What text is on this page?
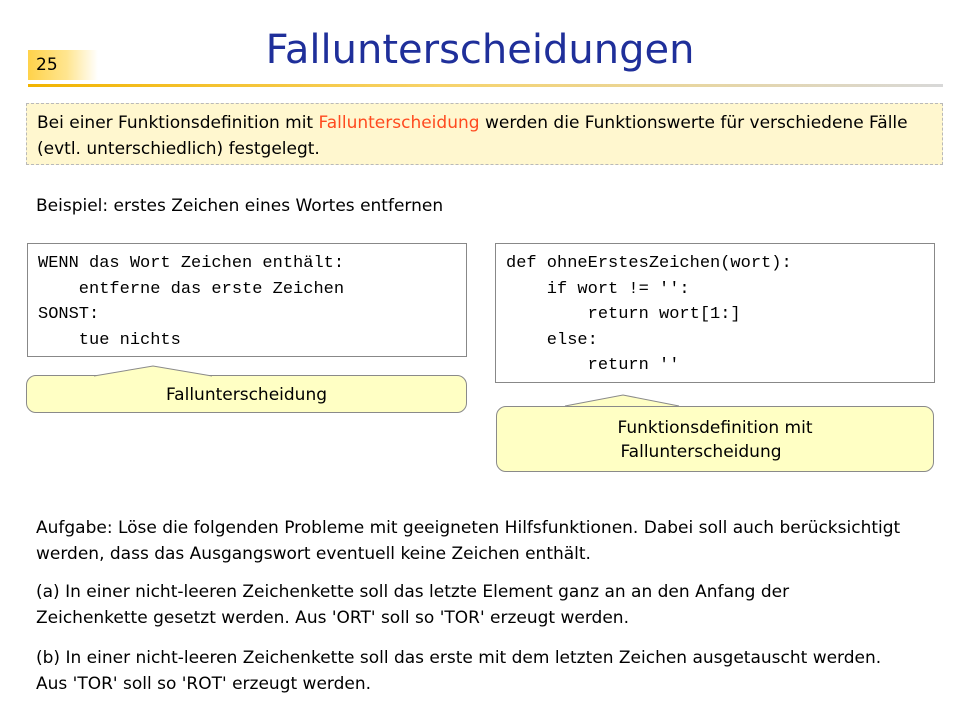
25	Fallunterscheidungen
Bei einer Funktionsdefinition mit Fallunterscheidung werden die Funktionswerte für verschiedene Fälle (evtl. unterschiedlich) festgelegt.
Beispiel: erstes Zeichen eines Wortes entfernen
WENN das Wort Zeichen enthält:
entferne das erste Zeichen
SONST:
tue nichts
def ohneErstesZeichen(wort):
if wort != '':
return wort[1:]
else:
return ''
Fallunterscheidung
Funktionsdefinition mit
Fallunterscheidung
Aufgabe: Löse die folgenden Probleme mit geeigneten Hilfsfunktionen. Dabei soll auch berücksichtigt werden, dass das Ausgangswort eventuell keine Zeichen enthält.
(a) In einer nicht-leeren Zeichenkette soll das letzte Element ganz an an den Anfang der Zeichenkette gesetzt werden. Aus 'ORT' soll so 'TOR' erzeugt werden.
(b) In einer nicht-leeren Zeichenkette soll das erste mit dem letzten Zeichen ausgetauscht werden. Aus 'TOR' soll so 'ROT' erzeugt werden.
